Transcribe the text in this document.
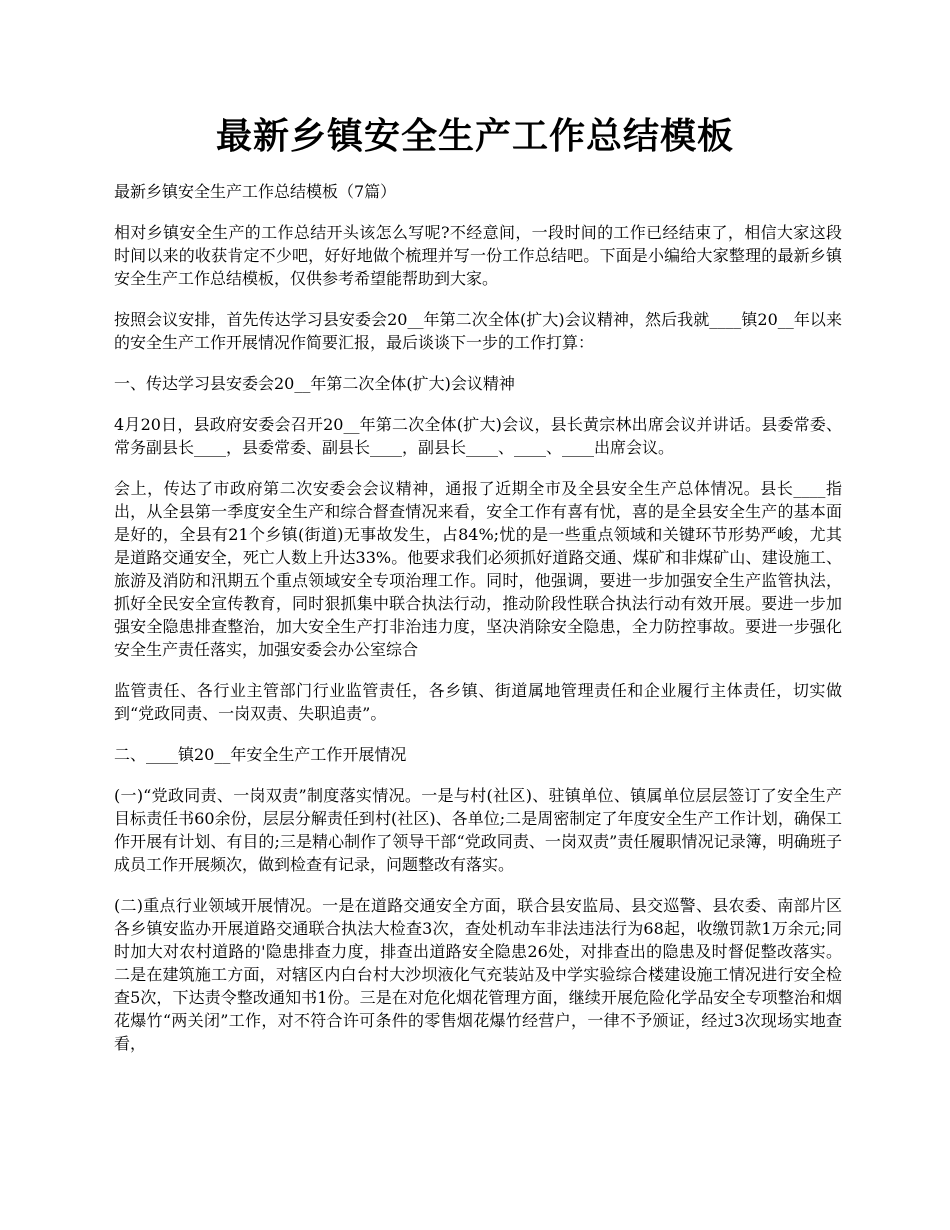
最新乡镇安全生产工作总结模板

最新乡镇安全生产工作总结模板（7篇）

相对乡镇安全生产的工作总结开头该怎么写呢?不经意间，一段时间的工作已经结束了，相信大家这段时间以来的收获肯定不少吧，好好地做个梳理并写一份工作总结吧。下面是小编给大家整理的最新乡镇安全生产工作总结模板，仅供参考希望能帮助到大家。

按照会议安排，首先传达学习县安委会20__年第二次全体(扩大)会议精神，然后我就____镇20__年以来的安全生产工作开展情况作简要汇报，最后谈谈下一步的工作打算：

一、传达学习县安委会20__年第二次全体(扩大)会议精神

4月20日，县政府安委会召开20__年第二次全体(扩大)会议，县长黄宗林出席会议并讲话。县委常委、常务副县长____，县委常委、副县长____，副县长____、____、____出席会议。

会上，传达了市政府第二次安委会会议精神，通报了近期全市及全县安全生产总体情况。县长____指出，从全县第一季度安全生产和综合督查情况来看，安全工作有喜有忧，喜的是全县安全生产的基本面是好的，全县有21个乡镇(街道)无事故发生，占84%;忧的是一些重点领域和关键环节形势严峻，尤其是道路交通安全，死亡人数上升达33%。他要求我们必须抓好道路交通、煤矿和非煤矿山、建设施工、旅游及消防和汛期五个重点领域安全专项治理工作。同时，他强调，要进一步加强安全生产监管执法，抓好全民安全宣传教育，同时狠抓集中联合执法行动，推动阶段性联合执法行动有效开展。要进一步加强安全隐患排查整治，加大安全生产打非治违力度，坚决消除安全隐患，全力防控事故。要进一步强化安全生产责任落实，加强安委会办公室综合

监管责任、各行业主管部门行业监管责任，各乡镇、街道属地管理责任和企业履行主体责任，切实做到“党政同责、一岗双责、失职追责”。

二、____镇20__年安全生产工作开展情况

(一)“党政同责、一岗双责”制度落实情况。一是与村(社区)、驻镇单位、镇属单位层层签订了安全生产目标责任书60余份，层层分解责任到村(社区)、各单位;二是周密制定了年度安全生产工作计划，确保工作开展有计划、有目的;三是精心制作了领导干部“党政同责、一岗双责”责任履职情况记录簿，明确班子成员工作开展频次，做到检查有记录，问题整改有落实。

(二)重点行业领域开展情况。一是在道路交通安全方面，联合县安监局、县交巡警、县农委、南部片区各乡镇安监办开展道路交通联合执法大检查3次，查处机动车非法违法行为68起，收缴罚款1万余元;同时加大对农村道路的'隐患排查力度，排查出道路安全隐患26处，对排查出的隐患及时督促整改落实。二是在建筑施工方面，对辖区内白台村大沙坝液化气充装站及中学实验综合楼建设施工情况进行安全检查5次，下达责令整改通知书1份。三是在对危化烟花管理方面，继续开展危险化学品安全专项整治和烟花爆竹“两关闭”工作，对不符合许可条件的零售烟花爆竹经营户，一律不予颁证，经过3次现场实地查看，
